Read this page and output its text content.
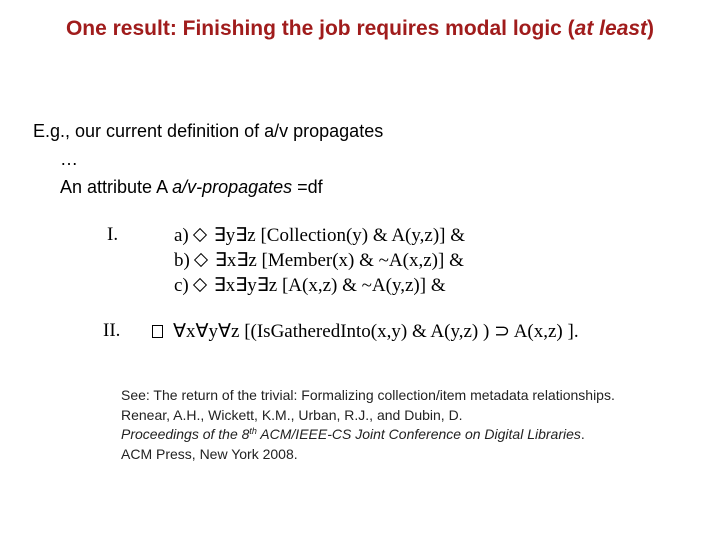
One result: Finishing the job requires modal logic (at least)
E.g., our current definition of a/v propagates
…
An attribute A a/v-propagates =df
I.	a) ∃y∃z [Collection(y) & A(y,z)] &
b) ∃x∃z [Member(x) & ~A(x,z)] &
c) ∃x∃y∃z [A(x,z) & ~A(y,z)] &
II.	∀x∀y∀z [(IsGatheredInto(x,y) & A(y,z) ) ⊃ A(x,z) ].
See: The return of the trivial: Formalizing collection/item metadata relationships.
Renear, A.H., Wickett, K.M., Urban, R.J., and Dubin, D.
Proceedings of the 8th ACM/IEEE-CS Joint Conference on Digital Libraries.
ACM Press, New York 2008.
